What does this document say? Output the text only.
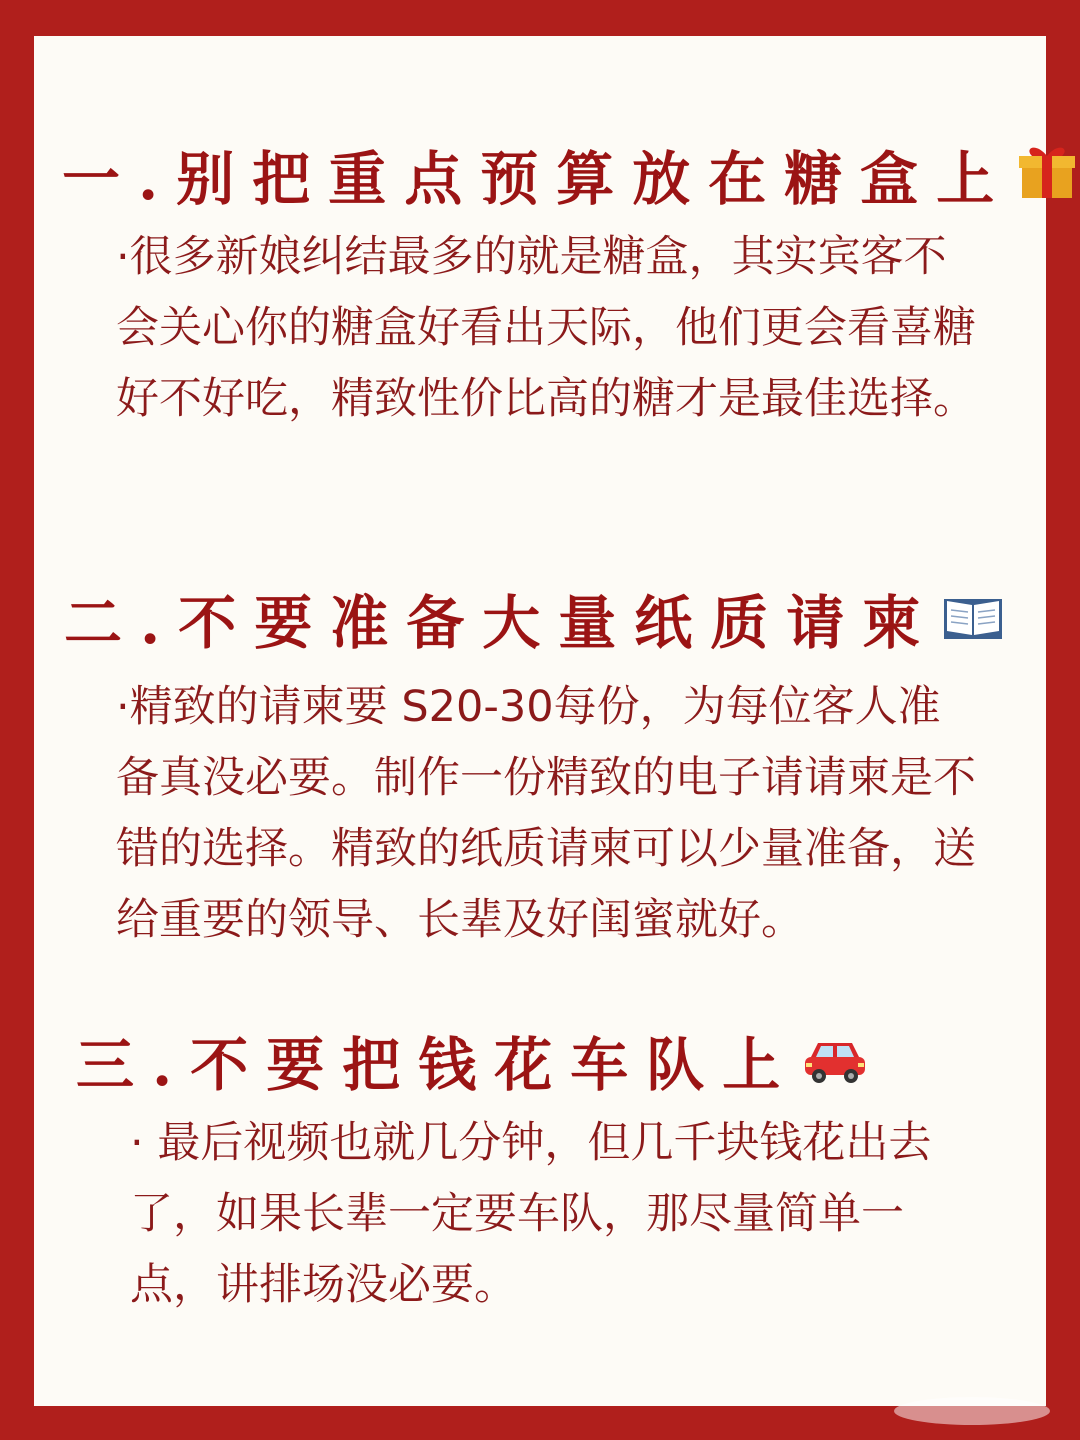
一.别把重点预算放在糖盒上
·很多新娘纠结最多的就是糖盒，其实宾客不会关心你的糖盒好看出天际，他们更会看喜糖好不好吃，精致性价比高的糖才是最佳选择。
二.不要准备大量纸质请柬
·精致的请柬要 S20-30每份，为每位客人准备真没必要。制作一份精致的电子请请柬是不错的选择。精致的纸质请柬可以少量准备，送给重要的领导、长辈及好闺蜜就好。
三.不要把钱花车队上
· 最后视频也就几分钟，但几千块钱花出去了，如果长辈一定要车队，那尽量简单一点，讲排场没必要。
